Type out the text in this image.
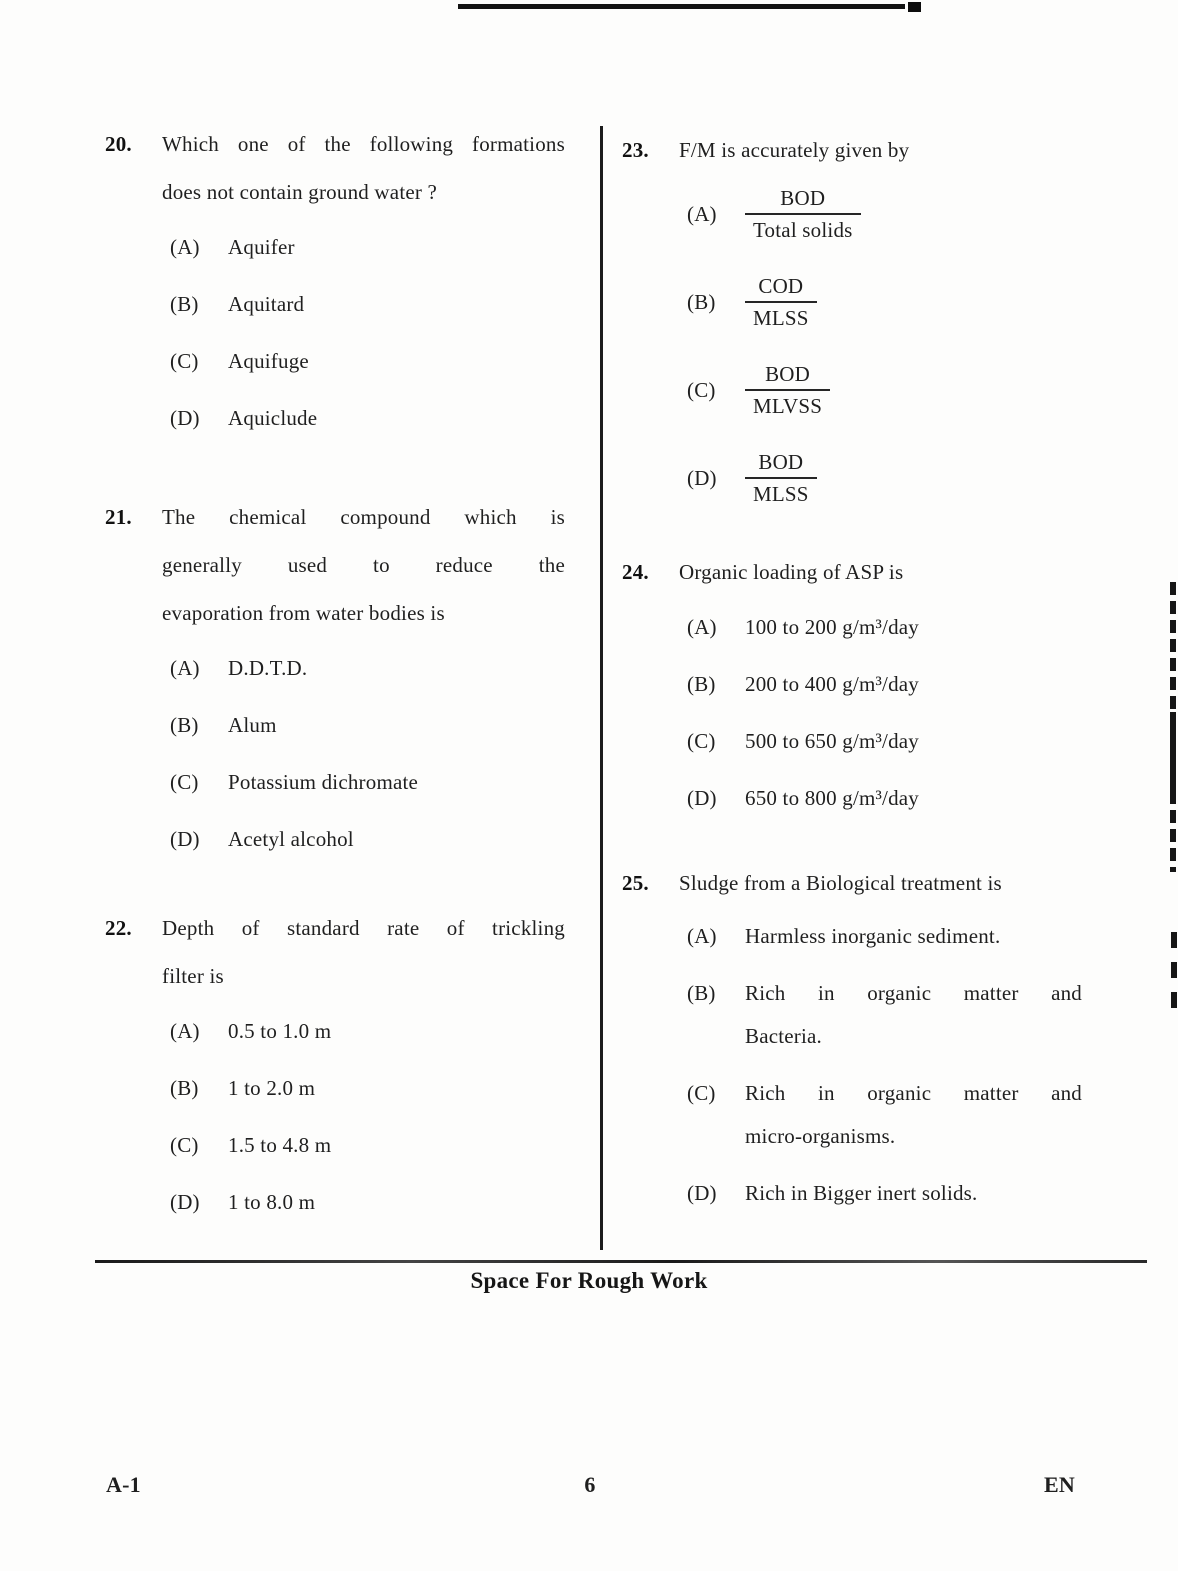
20.	Which one of the following formations
does not contain ground water ?
(A)	Aquifer
(B)	Aquitard
(C)	Aquifuge
(D)	Aquiclude
21.	The chemical compound which is
generally used to reduce the
evaporation from water bodies is
(A)	D.D.T.D.
(B)	Alum
(C)	Potassium dichromate
(D)	Acetyl alcohol
22.	Depth of standard rate of trickling
filter is
(A)	0.5 to 1.0 m
(B)	1 to 2.0 m
(C)	1.5 to 4.8 m
(D)	1 to 8.0 m
23.	F/M is accurately given by
(A)	$\frac{\text{BOD}}{\text{Total solids}}$
(B)	$\frac{\text{COD}}{\text{MLSS}}$
(C)	$\frac{\text{BOD}}{\text{MLVSS}}$
(D)	$\frac{\text{BOD}}{\text{MLSS}}$
24.	Organic loading of ASP is
(A)	100 to 200 g/m³/day
(B)	200 to 400 g/m³/day
(C)	500 to 650 g/m³/day
(D)	650 to 800 g/m³/day
25.	Sludge from a Biological treatment is
(A)	Harmless inorganic sediment.
(B)	Rich in organic matter and
Bacteria.
(C)	Rich in organic matter and
micro-organisms.
(D)	Rich in Bigger inert solids.
Space For Rough Work
A-1	6	EN
